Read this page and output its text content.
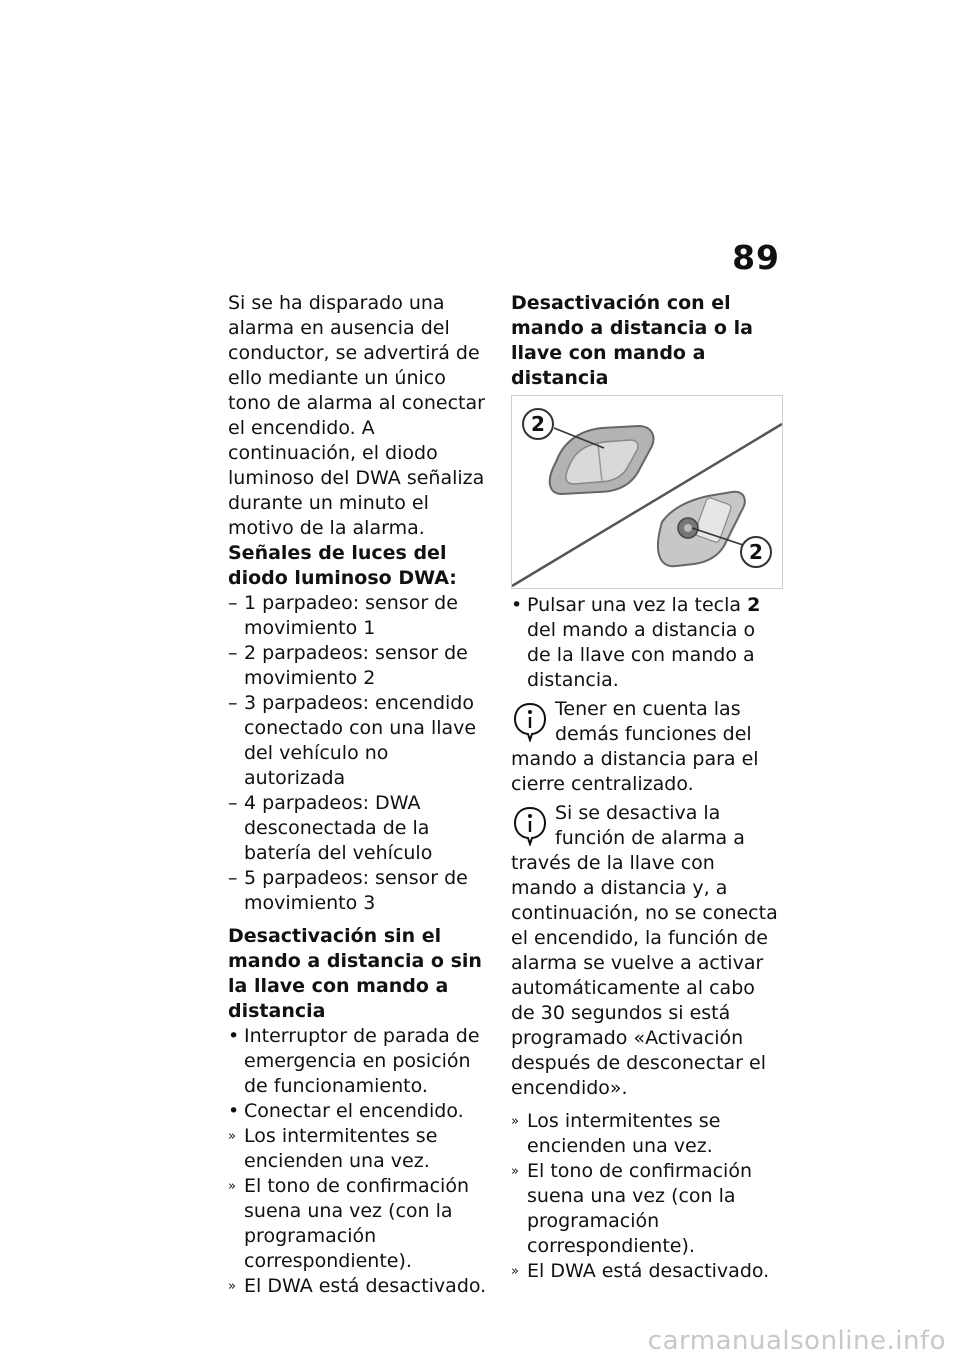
89

Si se ha disparado una alarma en ausencia del conductor, se advertirá de ello mediante un único tono de alarma al conectar el encendido. A continuación, el diodo luminoso del DWA señaliza durante un minuto el motivo de la alarma.

Señales de luces del diodo luminoso DWA:
– 1 parpadeo: sensor de movimiento 1
– 2 parpadeos: sensor de movimiento 2
– 3 parpadeos: encendido conectado con una llave del vehículo no autorizada
– 4 parpadeos: DWA desconectada de la batería del vehículo
– 5 parpadeos: sensor de movimiento 3
Desactivación sin el mando a distancia o sin la llave con mando a distancia
• Interruptor de parada de emergencia en posición de funcionamiento.
• Conectar el encendido.
» Los intermitentes se encienden una vez.
» El tono de confirmación suena una vez (con la programación correspondiente).
» El DWA está desactivado.
Desactivación con el mando a distancia o la llave con mando a distancia
2
2
• Pulsar una vez la tecla 2 del mando a distancia o de la llave con mando a distancia.

Tener en cuenta las demás funciones del mando a distancia para el cierre centralizado.

Si se desactiva la función de alarma a través de la llave con mando a distancia y, a continuación, no se conecta el encendido, la función de alarma se vuelve a activar automáticamente al cabo de 30 segundos si está programado «Activación después de desconectar el encendido».

» Los intermitentes se encienden una vez.
» El tono de confirmación suena una vez (con la programación correspondiente).
» El DWA está desactivado.
carmanualsonline.info
